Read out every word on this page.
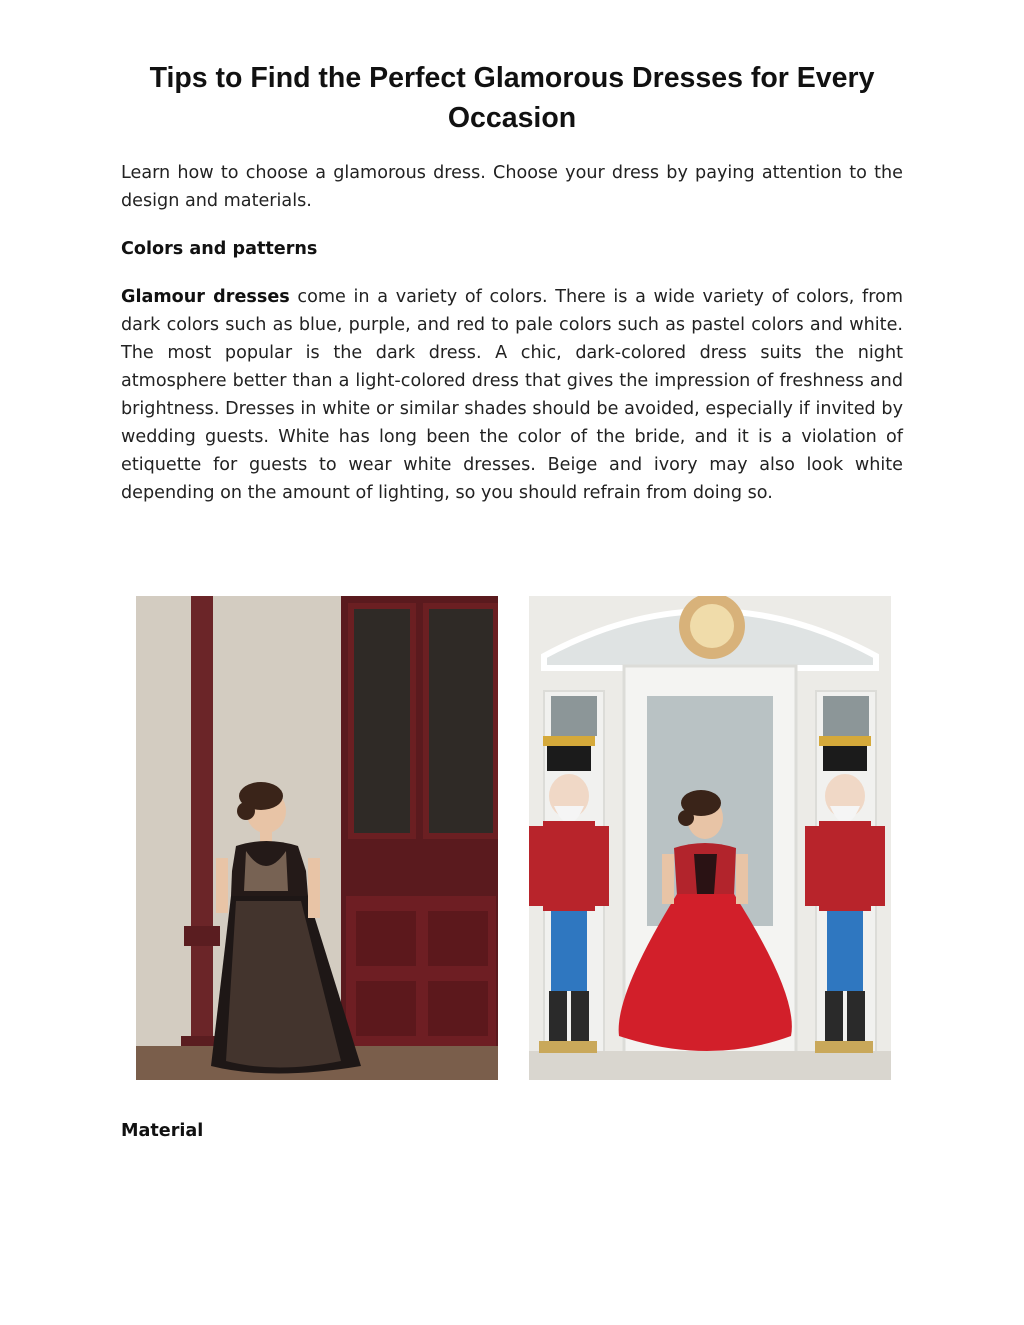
Tips to Find the Perfect Glamorous Dresses for Every Occasion

Learn how to choose a glamorous dress. Choose your dress by paying attention to the design and materials.

Colors and patterns

Glamour dresses come in a variety of colors. There is a wide variety of colors, from dark colors such as blue, purple, and red to pale colors such as pastel colors and white. The most popular is the dark dress. A chic, dark-colored dress suits the night atmosphere better than a light-colored dress that gives the impression of freshness and brightness. Dresses in white or similar shades should be avoided, especially if invited by wedding guests. White has long been the color of the bride, and it is a violation of etiquette for guests to wear white dresses. Beige and ivory may also look white depending on the amount of lighting, so you should refrain from doing so.

Material
